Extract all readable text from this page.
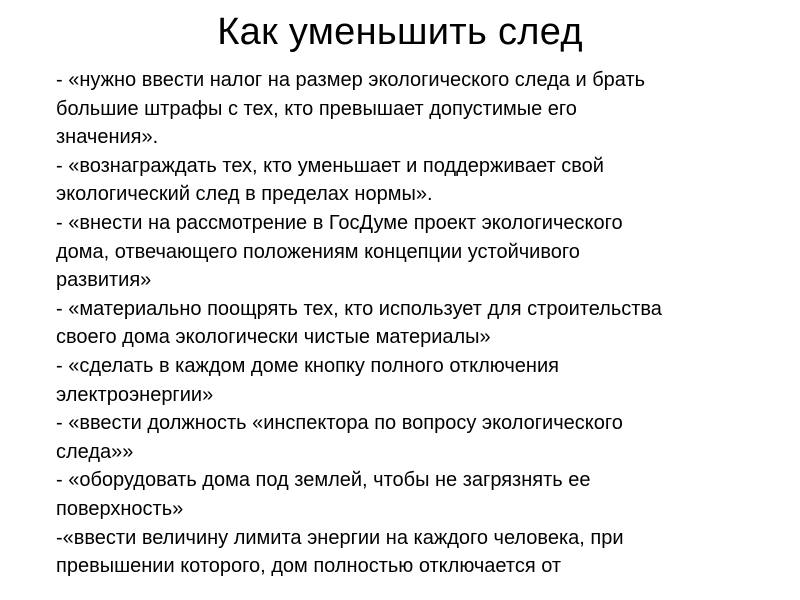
Как уменьшить след
- «нужно ввести налог на размер экологического следа и брать
большие штрафы с тех, кто превышает допустимые его
значения».
- «вознаграждать тех, кто уменьшает и поддерживает свой
экологический след в пределах нормы».
- «внести на рассмотрение в ГосДуме проект экологического
дома, отвечающего положениям концепции устойчивого
развития»
- «материально поощрять тех, кто использует для строительства
своего дома экологически чистые материалы»
- «сделать в каждом доме кнопку полного отключения
электроэнергии»
- «ввести должность «инспектора по вопросу экологического
следа»»
- «оборудовать дома под землей, чтобы не загрязнять ее
поверхность»
-«ввести величину лимита энергии на каждого человека, при
превышении которого, дом полностью отключается от
